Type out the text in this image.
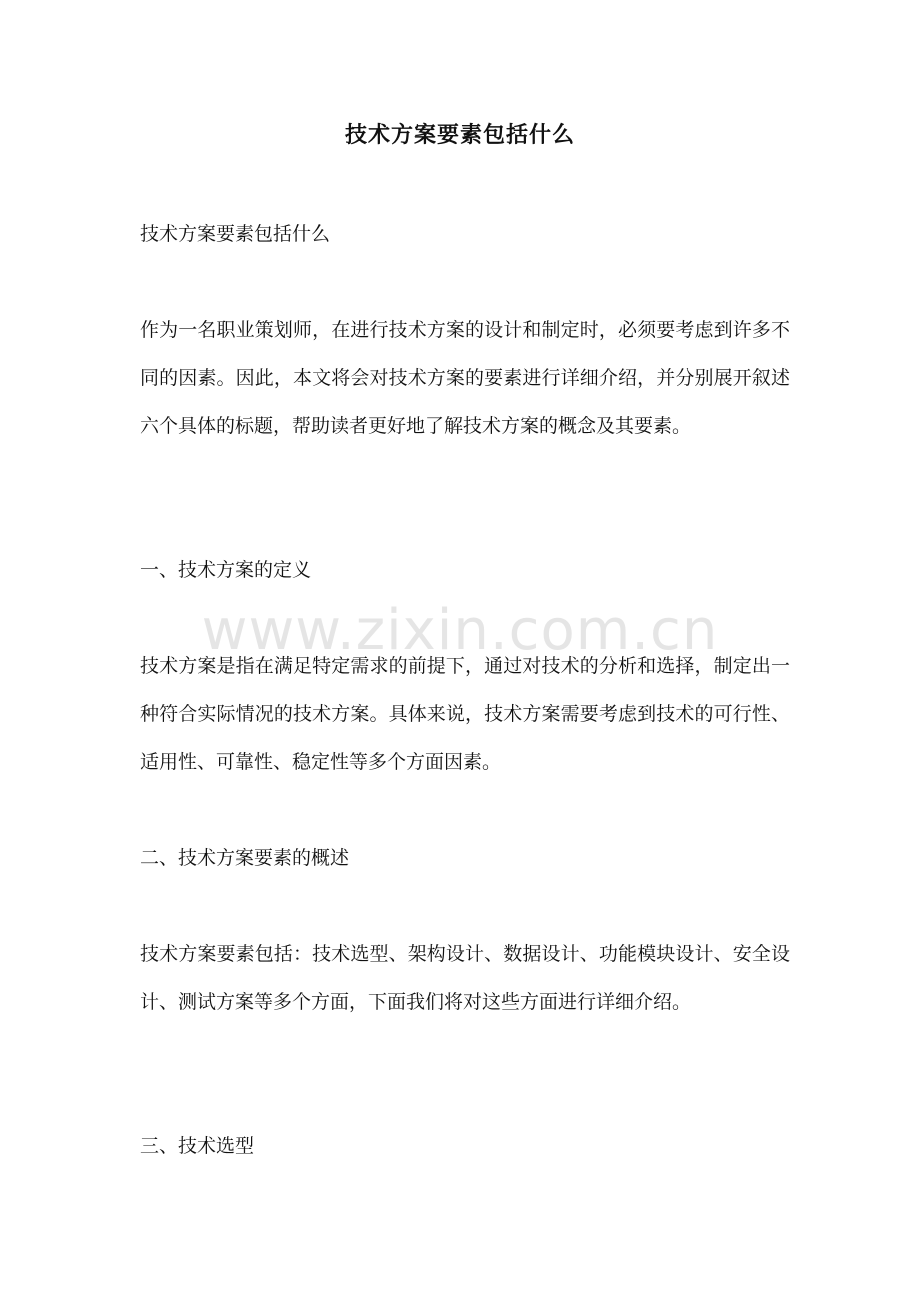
技术方案要素包括什么

技术方案要素包括什么

作为一名职业策划师，在进行技术方案的设计和制定时，必须要考虑到许多不同的因素。因此，本文将会对技术方案的要素进行详细介绍，并分别展开叙述六个具体的标题，帮助读者更好地了解技术方案的概念及其要素。

一、技术方案的定义

技术方案是指在满足特定需求的前提下，通过对技术的分析和选择，制定出一种符合实际情况的技术方案。具体来说，技术方案需要考虑到技术的可行性、适用性、可靠性、稳定性等多个方面因素。

二、技术方案要素的概述

技术方案要素包括：技术选型、架构设计、数据设计、功能模块设计、安全设计、测试方案等多个方面，下面我们将对这些方面进行详细介绍。

三、技术选型

www.zixin.com.cn
